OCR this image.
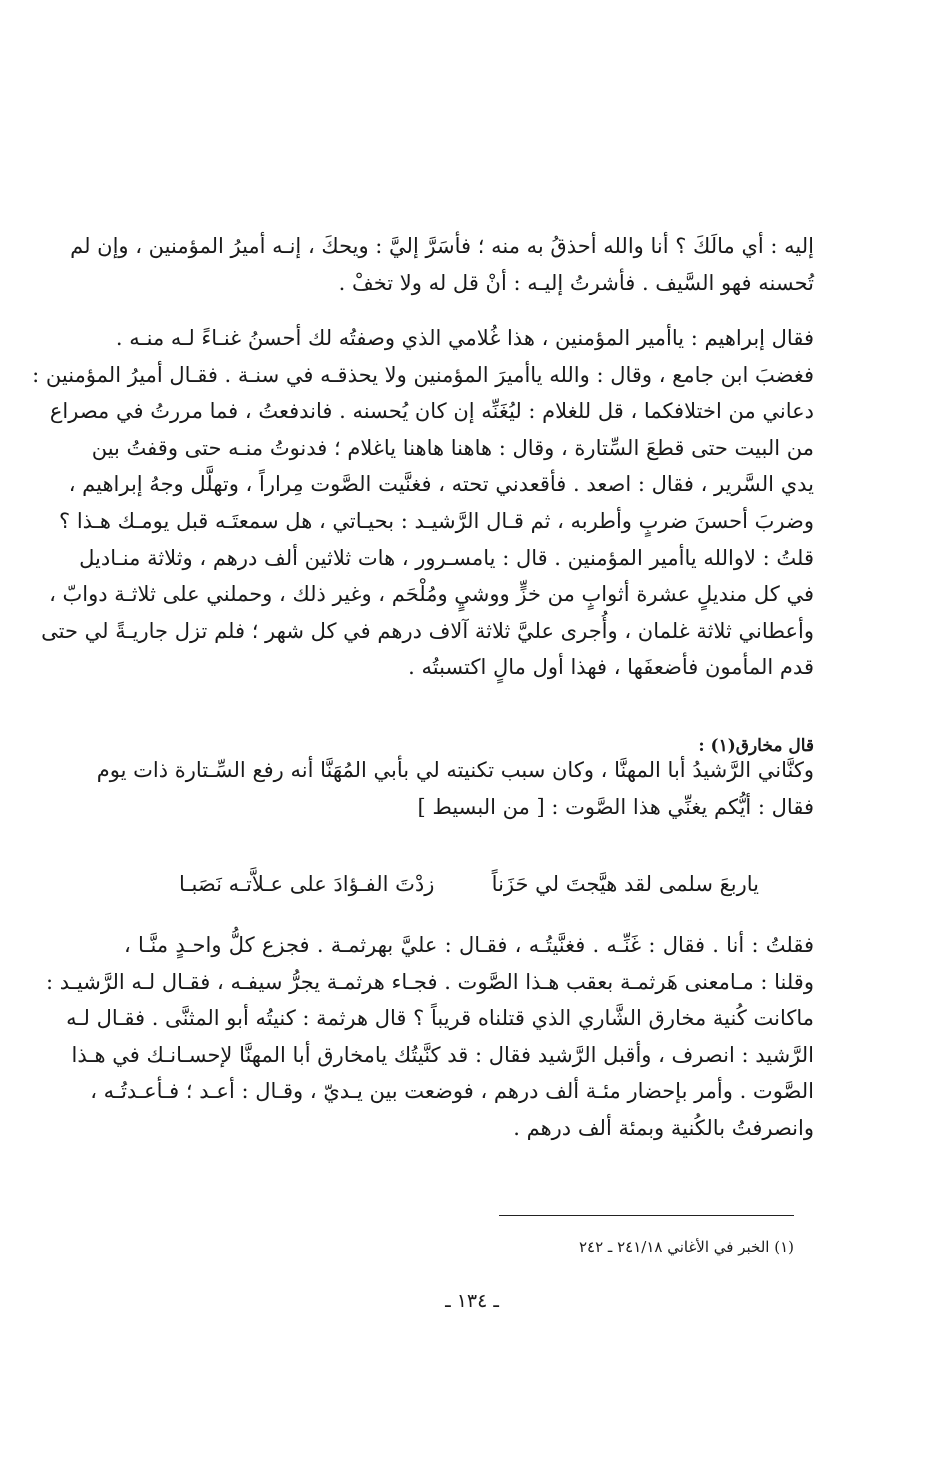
إليه : أي مالَكَ ؟ أنا والله أحذقُ به منه ؛ فأسَرَّ إليَّ : ويحكَ ، إنـه أميرُ المؤمنين ، وإن لم
تُحسنه فهو السَّيف . فأشرتُ إليـه : أنْ قل له ولا تخفْ .
فقال إبراهيم : ياأمير المؤمنين ، هذا غُلامي الذي وصفتُه لك أحسنُ غنـاءً لـه منـه .
فغضبَ ابن جامع ، وقال : والله ياأميرَ المؤمنين ولا يحذقـه في سنـة . فقـال أميرُ المؤمنين :
دعاني من اختلافكما ، قل للغلام : ليُغَنِّه إن كان يُحسنه . فاندفعتُ ، فما مررتُ في مصراع
من البيت حتى قطعَ السِّتارة ، وقال : هاهنا هاهنا ياغلام ؛ فدنوتُ منـه حتى وقفتُ بين
يدي السَّرير ، فقال : اصعد . فأقعدني تحته ، فغنَّيت الصَّوت مِراراً ، وتهلَّل وجهُ إبراهيم ،
وضربَ أحسنَ ضربٍ وأطربه ، ثم قـال الرَّشيـد : بحيـاتي ، هل سمعتَـه قبل يومـك هـذا ؟
قلتُ : لاوالله ياأمير المؤمنين . قال : يامسـرور ، هات ثلاثين ألف درهم ، وثلاثة منـاديل
في كل منديلٍ عشرة أثوابٍ من خزٍّ ووشيٍ ومُلْحَم ، وغير ذلك ، وحملني على ثلاثـة دوابّ ،
وأعطاني ثلاثة غلمان ، وأُجرى عليَّ ثلاثة آلاف درهم في كل شهر ؛ فلم تزل جاريـةً لي حتى
قدم المأمون فأضعفَها ، فهذا أول مالٍ اكتسبتُه .
قال مخارق(١) :
وكنَّاني الرَّشيدُ أبا المهنَّا ، وكان سبب تكنيته لي بأبي المُهَنَّا أنه رفع السِّـتارة ذات يوم
فقال : أيُّكم يغنِّي هذا الصَّوت : [ من البسيط ]
ياربعَ سلمى لقد هيَّجتَ لي حَزَناً
زدْتَ الفـؤادَ على عـلاَّتـه نَصَبـا
فقلتُ : أنا . فقال : غَنِّـه . فغنَّيتُـه ، فقـال : عليَّ بهرثمـة . فجزع كلُّ واحـدٍ منَّـا ،
وقلنا : مـامعنى هَرثمـة بعقب هـذا الصَّوت . فجـاء هرثمـة يجرُّ سيفـه ، فقـال لـه الرَّشيـد :
ماكانت كُنية مخارق الشَّاري الذي قتلناه قريباً ؟ قال هرثمة : كنيتُه أبو المثنَّى . فقـال لـه
الرَّشيد : انصرف ، وأقبل الرَّشيد فقال : قد كنَّيتُك يامخارق أبا المهنَّا لإحسـانـك في هـذا
الصَّوت . وأمر بإحضار مئـة ألف درهم ، فوضعت بين يـديّ ، وقـال : أعـد ؛ فـأعـدتُـه ،
وانصرفتُ بالكُنية وبمئة ألف درهم .
(١) الخبر في الأغاني ٢٤١/١٨ ـ ٢٤٢
ـ ١٣٤ ـ
